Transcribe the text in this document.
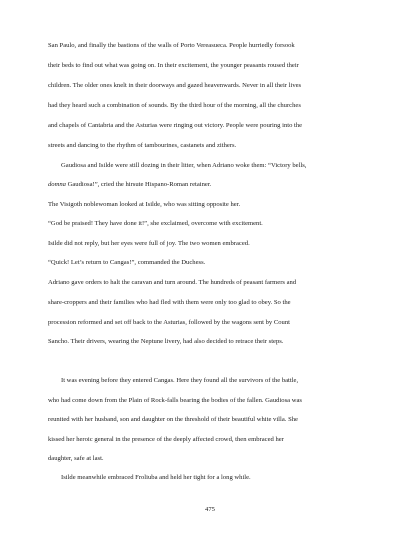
San Paulo, and finally the bastions of the walls of Porto Vereasueca. People hurriedly forsook
their beds to find out what was going on. In their excitement, the younger peasants roused their
children. The older ones knelt in their doorways and gazed heavenwards. Never in all their lives
had they heard such a combination of sounds. By the third hour of the morning, all the churches
and chapels of Cantabria and the Asturias were ringing out victory. People were pouring into the
streets and dancing to the rhythm of tambourines, castanets and zithers.
Gaudiosa and Isilde were still dozing in their litter, when Adriano woke them: “Victory bells,
domna Gaudiosa!”, cried the hirsute Hispano-Roman retainer.
The Visigoth noblewoman looked at Isilde, who was sitting opposite her.
“God be praised! They have done it!”, she exclaimed, overcome with excitement.
Isilde did not reply, but her eyes were full of joy. The two women embraced.
“Quick! Let’s return to Cangas!”, commanded the Duchess.
Adriano gave orders to halt the caravan and turn around. The hundreds of peasant farmers and
share-croppers and their families who had fled with them were only too glad to obey. So the
procession reformed and set off back to the Asturias, followed by the wagons sent by Count
Sancho. Their drivers, wearing the Neptune livery, had also decided to retrace their steps.
It was evening before they entered Cangas. Here they found all the survivors of the battle,
who had come down from the Plain of Rock-falls bearing the bodies of the fallen. Gaudiosa was
reunited with her husband, son and daughter on the threshold of their beautiful white villa. She
kissed her heroic general in the presence of the deeply affected crowd, then embraced her
daughter, safe at last.
Isilde meanwhile embraced Froliuba and held her tight for a long while.
475
